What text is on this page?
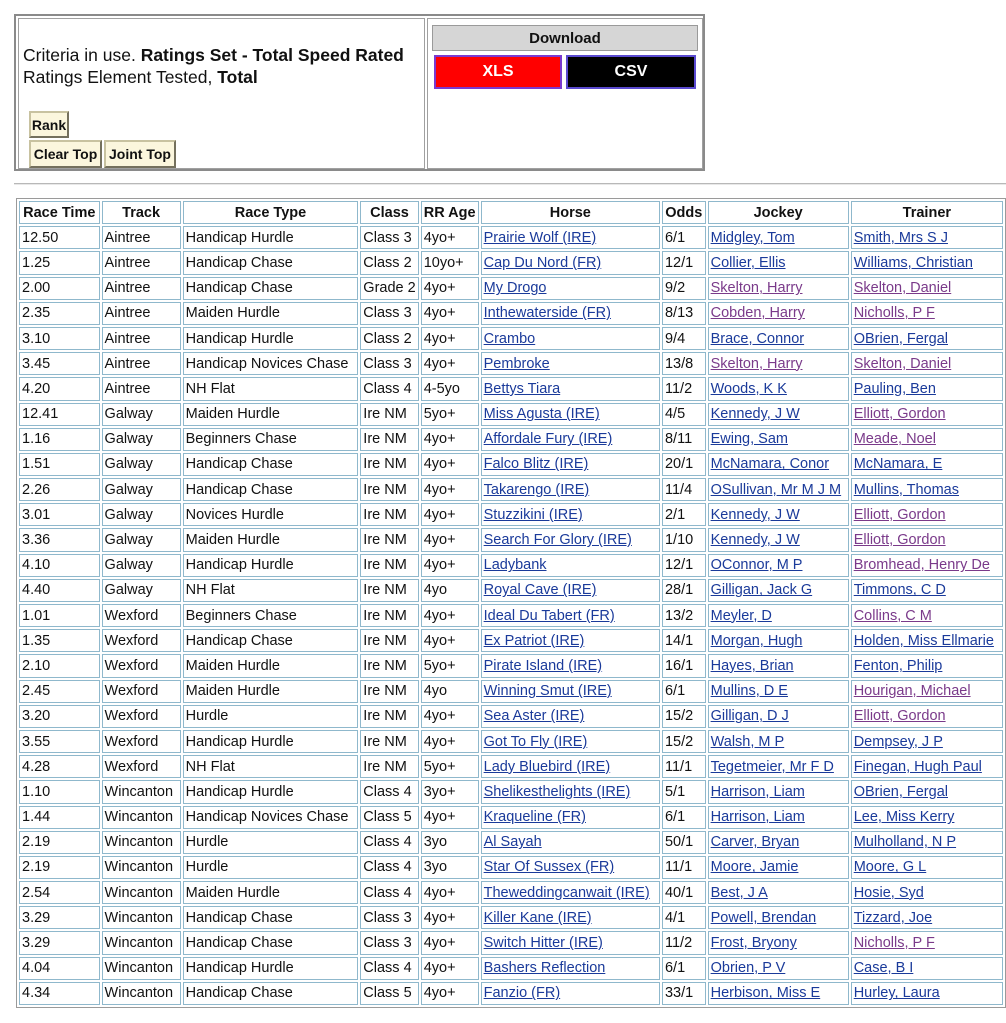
Criteria in use. Ratings Set - Total Speed Rated
Ratings Element Tested, Total
Rank
Clear Top Joint Top
Download
XLS	CSV
Race Time	Track	Race Type	Class	RR Age	Horse	Odds	Jockey	Trainer
12.50	Aintree	Handicap Hurdle	Class 3	4yo+	Prairie Wolf (IRE)	6/1	Midgley, Tom	Smith, Mrs S J
1.25	Aintree	Handicap Chase	Class 2	10yo+	Cap Du Nord (FR)	12/1	Collier, Ellis	Williams, Christian
2.00	Aintree	Handicap Chase	Grade 2	4yo+	My Drogo	9/2	Skelton, Harry	Skelton, Daniel
2.35	Aintree	Maiden Hurdle	Class 3	4yo+	Inthewaterside (FR)	8/13	Cobden, Harry	Nicholls, P F
3.10	Aintree	Handicap Hurdle	Class 2	4yo+	Crambo	9/4	Brace, Connor	OBrien, Fergal
3.45	Aintree	Handicap Novices Chase	Class 3	4yo+	Pembroke	13/8	Skelton, Harry	Skelton, Daniel
4.20	Aintree	NH Flat	Class 4	4-5yo	Bettys Tiara	11/2	Woods, K K	Pauling, Ben
12.41	Galway	Maiden Hurdle	Ire NM	5yo+	Miss Agusta (IRE)	4/5	Kennedy, J W	Elliott, Gordon
1.16	Galway	Beginners Chase	Ire NM	4yo+	Affordale Fury (IRE)	8/11	Ewing, Sam	Meade, Noel
1.51	Galway	Handicap Chase	Ire NM	4yo+	Falco Blitz (IRE)	20/1	McNamara, Conor	McNamara, E
2.26	Galway	Handicap Chase	Ire NM	4yo+	Takarengo (IRE)	11/4	OSullivan, Mr M J M	Mullins, Thomas
3.01	Galway	Novices Hurdle	Ire NM	4yo+	Stuzzikini (IRE)	2/1	Kennedy, J W	Elliott, Gordon
3.36	Galway	Maiden Hurdle	Ire NM	4yo+	Search For Glory (IRE)	1/10	Kennedy, J W	Elliott, Gordon
4.10	Galway	Handicap Hurdle	Ire NM	4yo+	Ladybank	12/1	OConnor, M P	Bromhead, Henry De
4.40	Galway	NH Flat	Ire NM	4yo	Royal Cave (IRE)	28/1	Gilligan, Jack G	Timmons, C D
1.01	Wexford	Beginners Chase	Ire NM	4yo+	Ideal Du Tabert (FR)	13/2	Meyler, D	Collins, C M
1.35	Wexford	Handicap Chase	Ire NM	4yo+	Ex Patriot (IRE)	14/1	Morgan, Hugh	Holden, Miss Ellmarie
2.10	Wexford	Maiden Hurdle	Ire NM	5yo+	Pirate Island (IRE)	16/1	Hayes, Brian	Fenton, Philip
2.45	Wexford	Maiden Hurdle	Ire NM	4yo	Winning Smut (IRE)	6/1	Mullins, D E	Hourigan, Michael
3.20	Wexford	Hurdle	Ire NM	4yo+	Sea Aster (IRE)	15/2	Gilligan, D J	Elliott, Gordon
3.55	Wexford	Handicap Hurdle	Ire NM	4yo+	Got To Fly (IRE)	15/2	Walsh, M P	Dempsey, J P
4.28	Wexford	NH Flat	Ire NM	5yo+	Lady Bluebird (IRE)	11/1	Tegetmeier, Mr F D	Finegan, Hugh Paul
1.10	Wincanton	Handicap Hurdle	Class 4	3yo+	Shelikesthelights (IRE)	5/1	Harrison, Liam	OBrien, Fergal
1.44	Wincanton	Handicap Novices Chase	Class 5	4yo+	Kraqueline (FR)	6/1	Harrison, Liam	Lee, Miss Kerry
2.19	Wincanton	Hurdle	Class 4	3yo	Al Sayah	50/1	Carver, Bryan	Mulholland, N P
2.19	Wincanton	Hurdle	Class 4	3yo	Star Of Sussex (FR)	11/1	Moore, Jamie	Moore, G L
2.54	Wincanton	Maiden Hurdle	Class 4	4yo+	Theweddingcanwait (IRE)	40/1	Best, J A	Hosie, Syd
3.29	Wincanton	Handicap Chase	Class 3	4yo+	Killer Kane (IRE)	4/1	Powell, Brendan	Tizzard, Joe
3.29	Wincanton	Handicap Chase	Class 3	4yo+	Switch Hitter (IRE)	11/2	Frost, Bryony	Nicholls, P F
4.04	Wincanton	Handicap Hurdle	Class 4	4yo+	Bashers Reflection	6/1	Obrien, P V	Case, B I
4.34	Wincanton	Handicap Chase	Class 5	4yo+	Fanzio (FR)	33/1	Herbison, Miss E	Hurley, Laura
